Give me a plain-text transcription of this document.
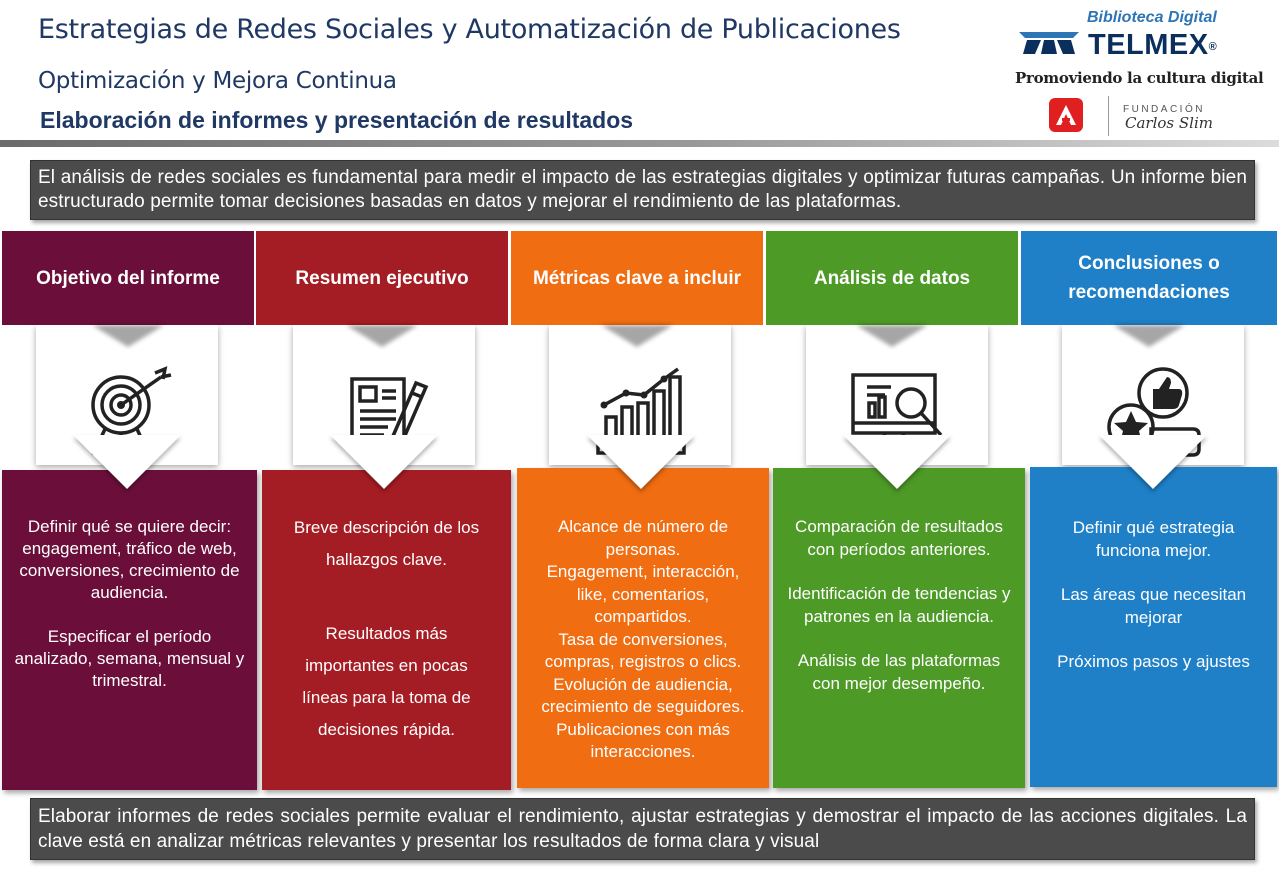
Estrategias de Redes Sociales y Automatización de Publicaciones
Optimización y Mejora Continua
Elaboración de informes y presentación de resultados
Biblioteca Digital
TELMEX®
Promoviendo la cultura digital
FUNDACIÓN
Carlos Slim
El análisis de redes sociales es fundamental para medir el impacto de las estrategias digitales y optimizar futuras campañas. Un informe bien estructurado permite tomar decisiones basadas en datos y mejorar el rendimiento de las plataformas.
Objetivo del informe

Definir qué se quiere decir: engagement, tráfico de web, conversiones, crecimiento de audiencia.

Especificar el período analizado, semana, mensual y trimestral.

Resumen ejecutivo

Breve descripción de los hallazgos clave.

Resultados más importantes en pocas líneas para la toma de decisiones rápida.

Métricas clave a incluir

Alcance de número de personas.

Engagement, interacción, like, comentarios, compartidos.

Tasa de conversiones, compras, registros o clics.

Evolución de audiencia, crecimiento de seguidores.

Publicaciones con más interacciones.

Análisis de datos

Comparación de resultados con períodos anteriores.

Identificación de tendencias y patrones en la audiencia.

Análisis de las plataformas con mejor desempeño.

Conclusiones o recomendaciones

Definir qué estrategia funciona mejor.

Las áreas que necesitan mejorar

Próximos pasos y ajustes

Elaborar informes de redes sociales permite evaluar el rendimiento, ajustar estrategias y demostrar el impacto de las acciones digitales. La clave está en analizar métricas relevantes y presentar los resultados de forma clara y visual
